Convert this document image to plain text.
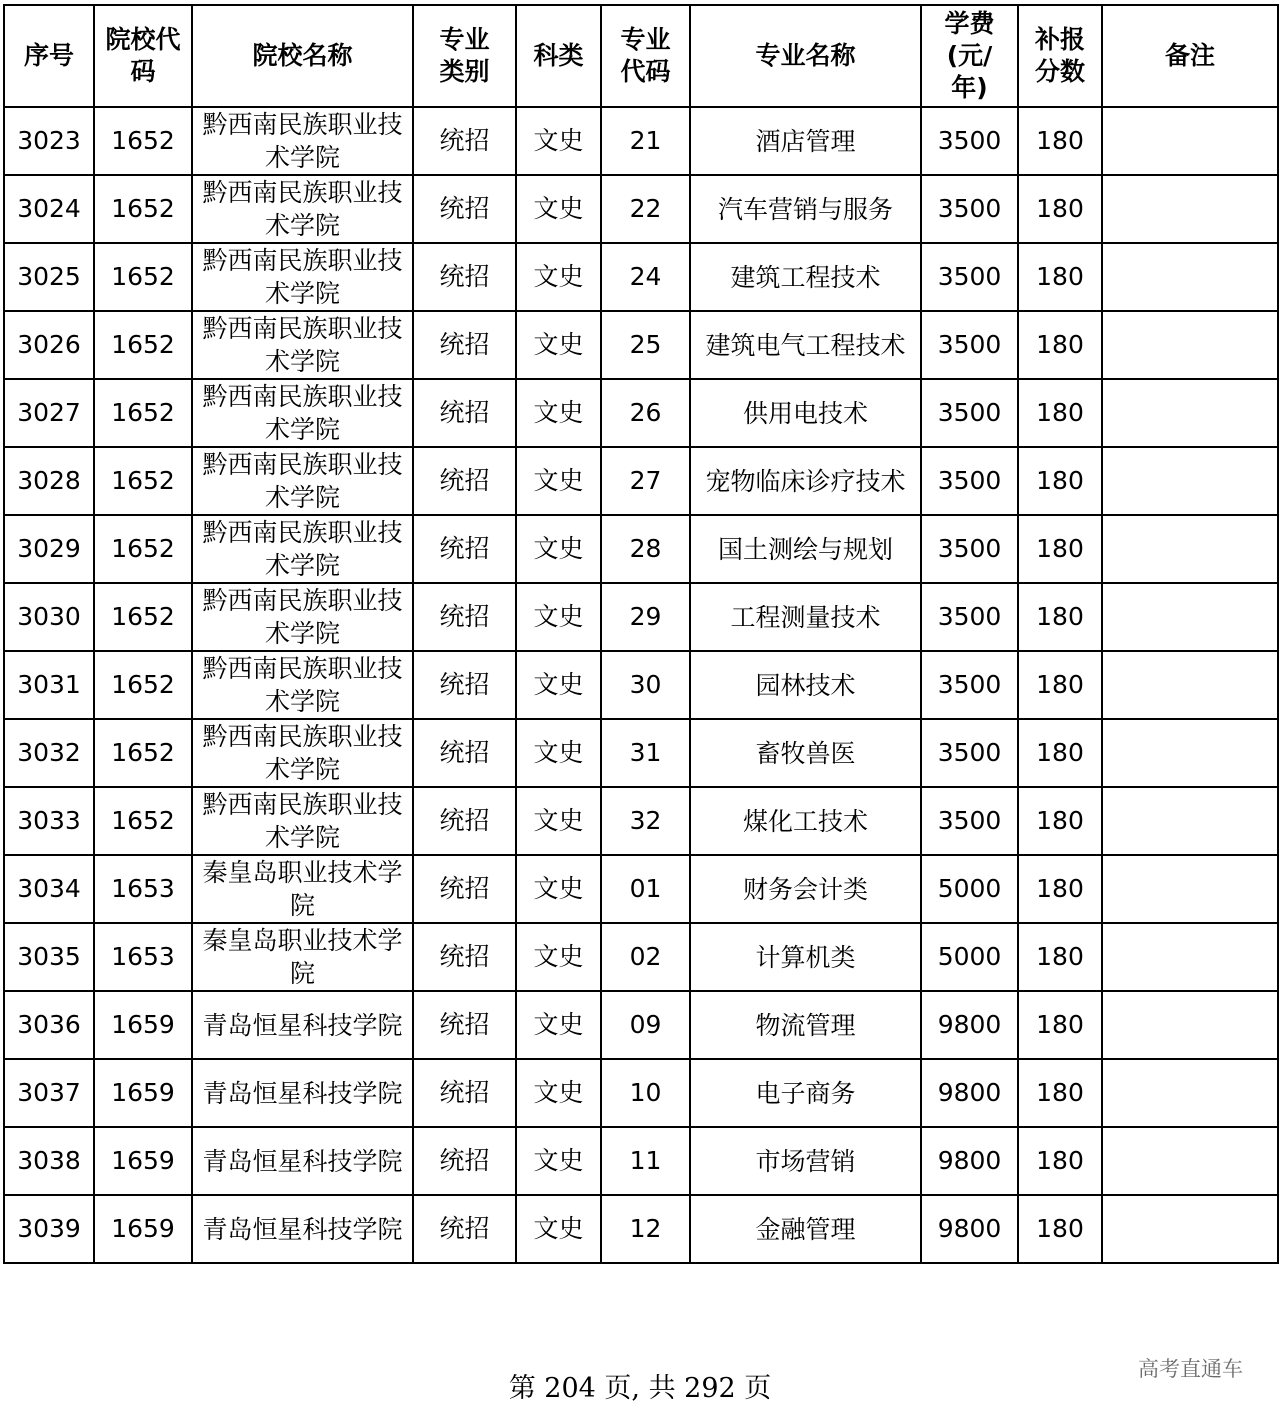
序号	院校代码	院校名称	专业类别	科类	专业代码	专业名称	学费(元/年)	补报分数	备注
3023	1652	黔西南民族职业技术学院	统招	文史	21	酒店管理	3500	180	
3024	1652	黔西南民族职业技术学院	统招	文史	22	汽车营销与服务	3500	180	
3025	1652	黔西南民族职业技术学院	统招	文史	24	建筑工程技术	3500	180	
3026	1652	黔西南民族职业技术学院	统招	文史	25	建筑电气工程技术	3500	180	
3027	1652	黔西南民族职业技术学院	统招	文史	26	供用电技术	3500	180	
3028	1652	黔西南民族职业技术学院	统招	文史	27	宠物临床诊疗技术	3500	180	
3029	1652	黔西南民族职业技术学院	统招	文史	28	国土测绘与规划	3500	180	
3030	1652	黔西南民族职业技术学院	统招	文史	29	工程测量技术	3500	180	
3031	1652	黔西南民族职业技术学院	统招	文史	30	园林技术	3500	180	
3032	1652	黔西南民族职业技术学院	统招	文史	31	畜牧兽医	3500	180	
3033	1652	黔西南民族职业技术学院	统招	文史	32	煤化工技术	3500	180	
3034	1653	秦皇岛职业技术学院	统招	文史	01	财务会计类	5000	180	
3035	1653	秦皇岛职业技术学院	统招	文史	02	计算机类	5000	180	
3036	1659	青岛恒星科技学院	统招	文史	09	物流管理	9800	180	
3037	1659	青岛恒星科技学院	统招	文史	10	电子商务	9800	180	
3038	1659	青岛恒星科技学院	统招	文史	11	市场营销	9800	180	
3039	1659	青岛恒星科技学院	统招	文史	12	金融管理	9800	180	
第 204 页, 共 292 页
高考直通车
